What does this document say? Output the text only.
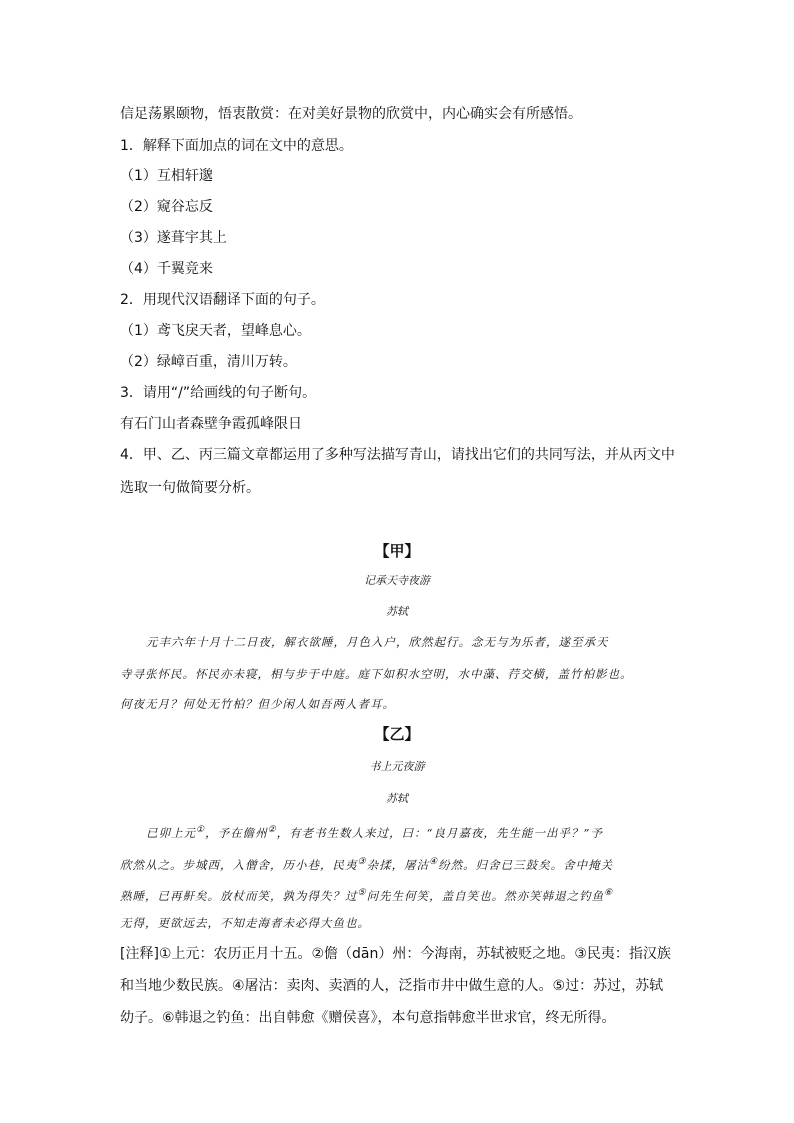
信足荡累颐物，悟衷散赏：在对美好景物的欣赏中，内心确实会有所感悟。
1．解释下面加点的词在文中的意思。
（1）互相轩邈
（2）窥谷忘反
（3）遂葺宇其上
（4）千翼竞来
2．用现代汉语翻译下面的句子。
（1）鸢飞戾天者，望峰息心。
（2）绿嶂百重，清川万转。
3．请用“/”给画线的句子断句。
有石门山者森壁争霞孤峰限日
4．甲、乙、丙三篇文章都运用了多种写法描写青山，请找出它们的共同写法，并从丙文中
选取一句做简要分析。
【甲】
记承天寺夜游
苏轼
元丰六年十月十二日夜，解衣欲睡，月色入户，欣然起行。念无与为乐者，遂至承天
寺寻张怀民。怀民亦未寝，相与步于中庭。庭下如积水空明，水中藻、荇交横，盖竹柏影也。
何夜无月？何处无竹柏？但少闲人如吾两人者耳。
【乙】
书上元夜游
苏轼
已卯上元①，予在儋州②，有老书生数人来过，曰：“良月嘉夜，先生能一出乎？”予
欣然从之。步城西，入僧舍，历小巷，民夷③杂揉，屠沽④纷然。归舍已三鼓矣。舍中掩关
熟睡，已再鼾矣。放杖而笑，孰为得失？过⑤问先生何笑，盖自笑也。然亦笑韩退之钓鱼⑥
无得，更欲远去，不知走海者未必得大鱼也。
[注释]①上元：农历正月十五。②儋（dān）州：今海南，苏轼被贬之地。③民夷：指汉族
和当地少数民族。④屠沽：卖肉、卖酒的人，泛指市井中做生意的人。⑤过：苏过，苏轼
幼子。⑥韩退之钓鱼：出自韩愈《赠侯喜》，本句意指韩愈半世求官，终无所得。
